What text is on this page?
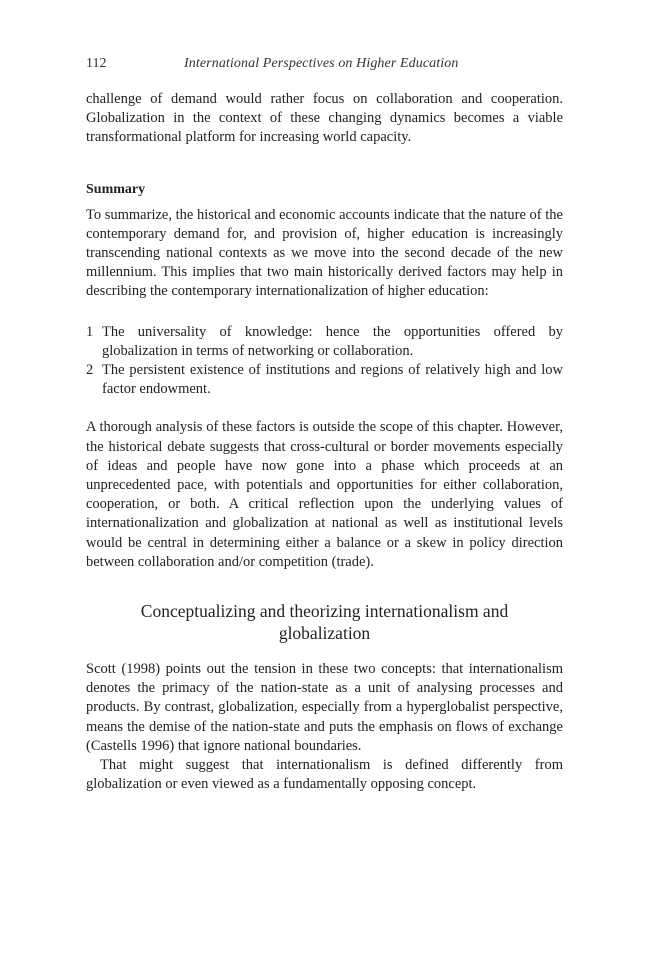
112	International Perspectives on Higher Education

challenge of demand would rather focus on collaboration and cooperation. Globalization in the context of these changing dynamics becomes a viable transformational platform for increasing world capacity.

Summary

To summarize, the historical and economic accounts indicate that the nature of the contemporary demand for, and provision of, higher education is increasingly transcending national contexts as we move into the second decade of the new millennium. This implies that two main historically derived factors may help in describing the contemporary internationalization of higher education:

1 The universality of knowledge: hence the opportunities offered by globalization in terms of networking or collaboration.
2 The persistent existence of institutions and regions of relatively high and low factor endowment.

A thorough analysis of these factors is outside the scope of this chapter. However, the historical debate suggests that cross-cultural or border movements especially of ideas and people have now gone into a phase which proceeds at an unprecedented pace, with potentials and opportunities for either collaboration, cooperation, or both. A critical reflection upon the underlying values of internationalization and globalization at national as well as institutional levels would be central in determining either a balance or a skew in policy direction between collaboration and/or competition (trade).

Conceptualizing and theorizing internationalism and globalization

Scott (1998) points out the tension in these two concepts: that internationalism denotes the primacy of the nation-state as a unit of analysing processes and products. By contrast, globalization, especially from a hyperglobalist perspective, means the demise of the nation-state and puts the emphasis on flows of exchange (Castells 1996) that ignore national boundaries.

That might suggest that internationalism is defined differently from globalization or even viewed as a fundamentally opposing concept.
